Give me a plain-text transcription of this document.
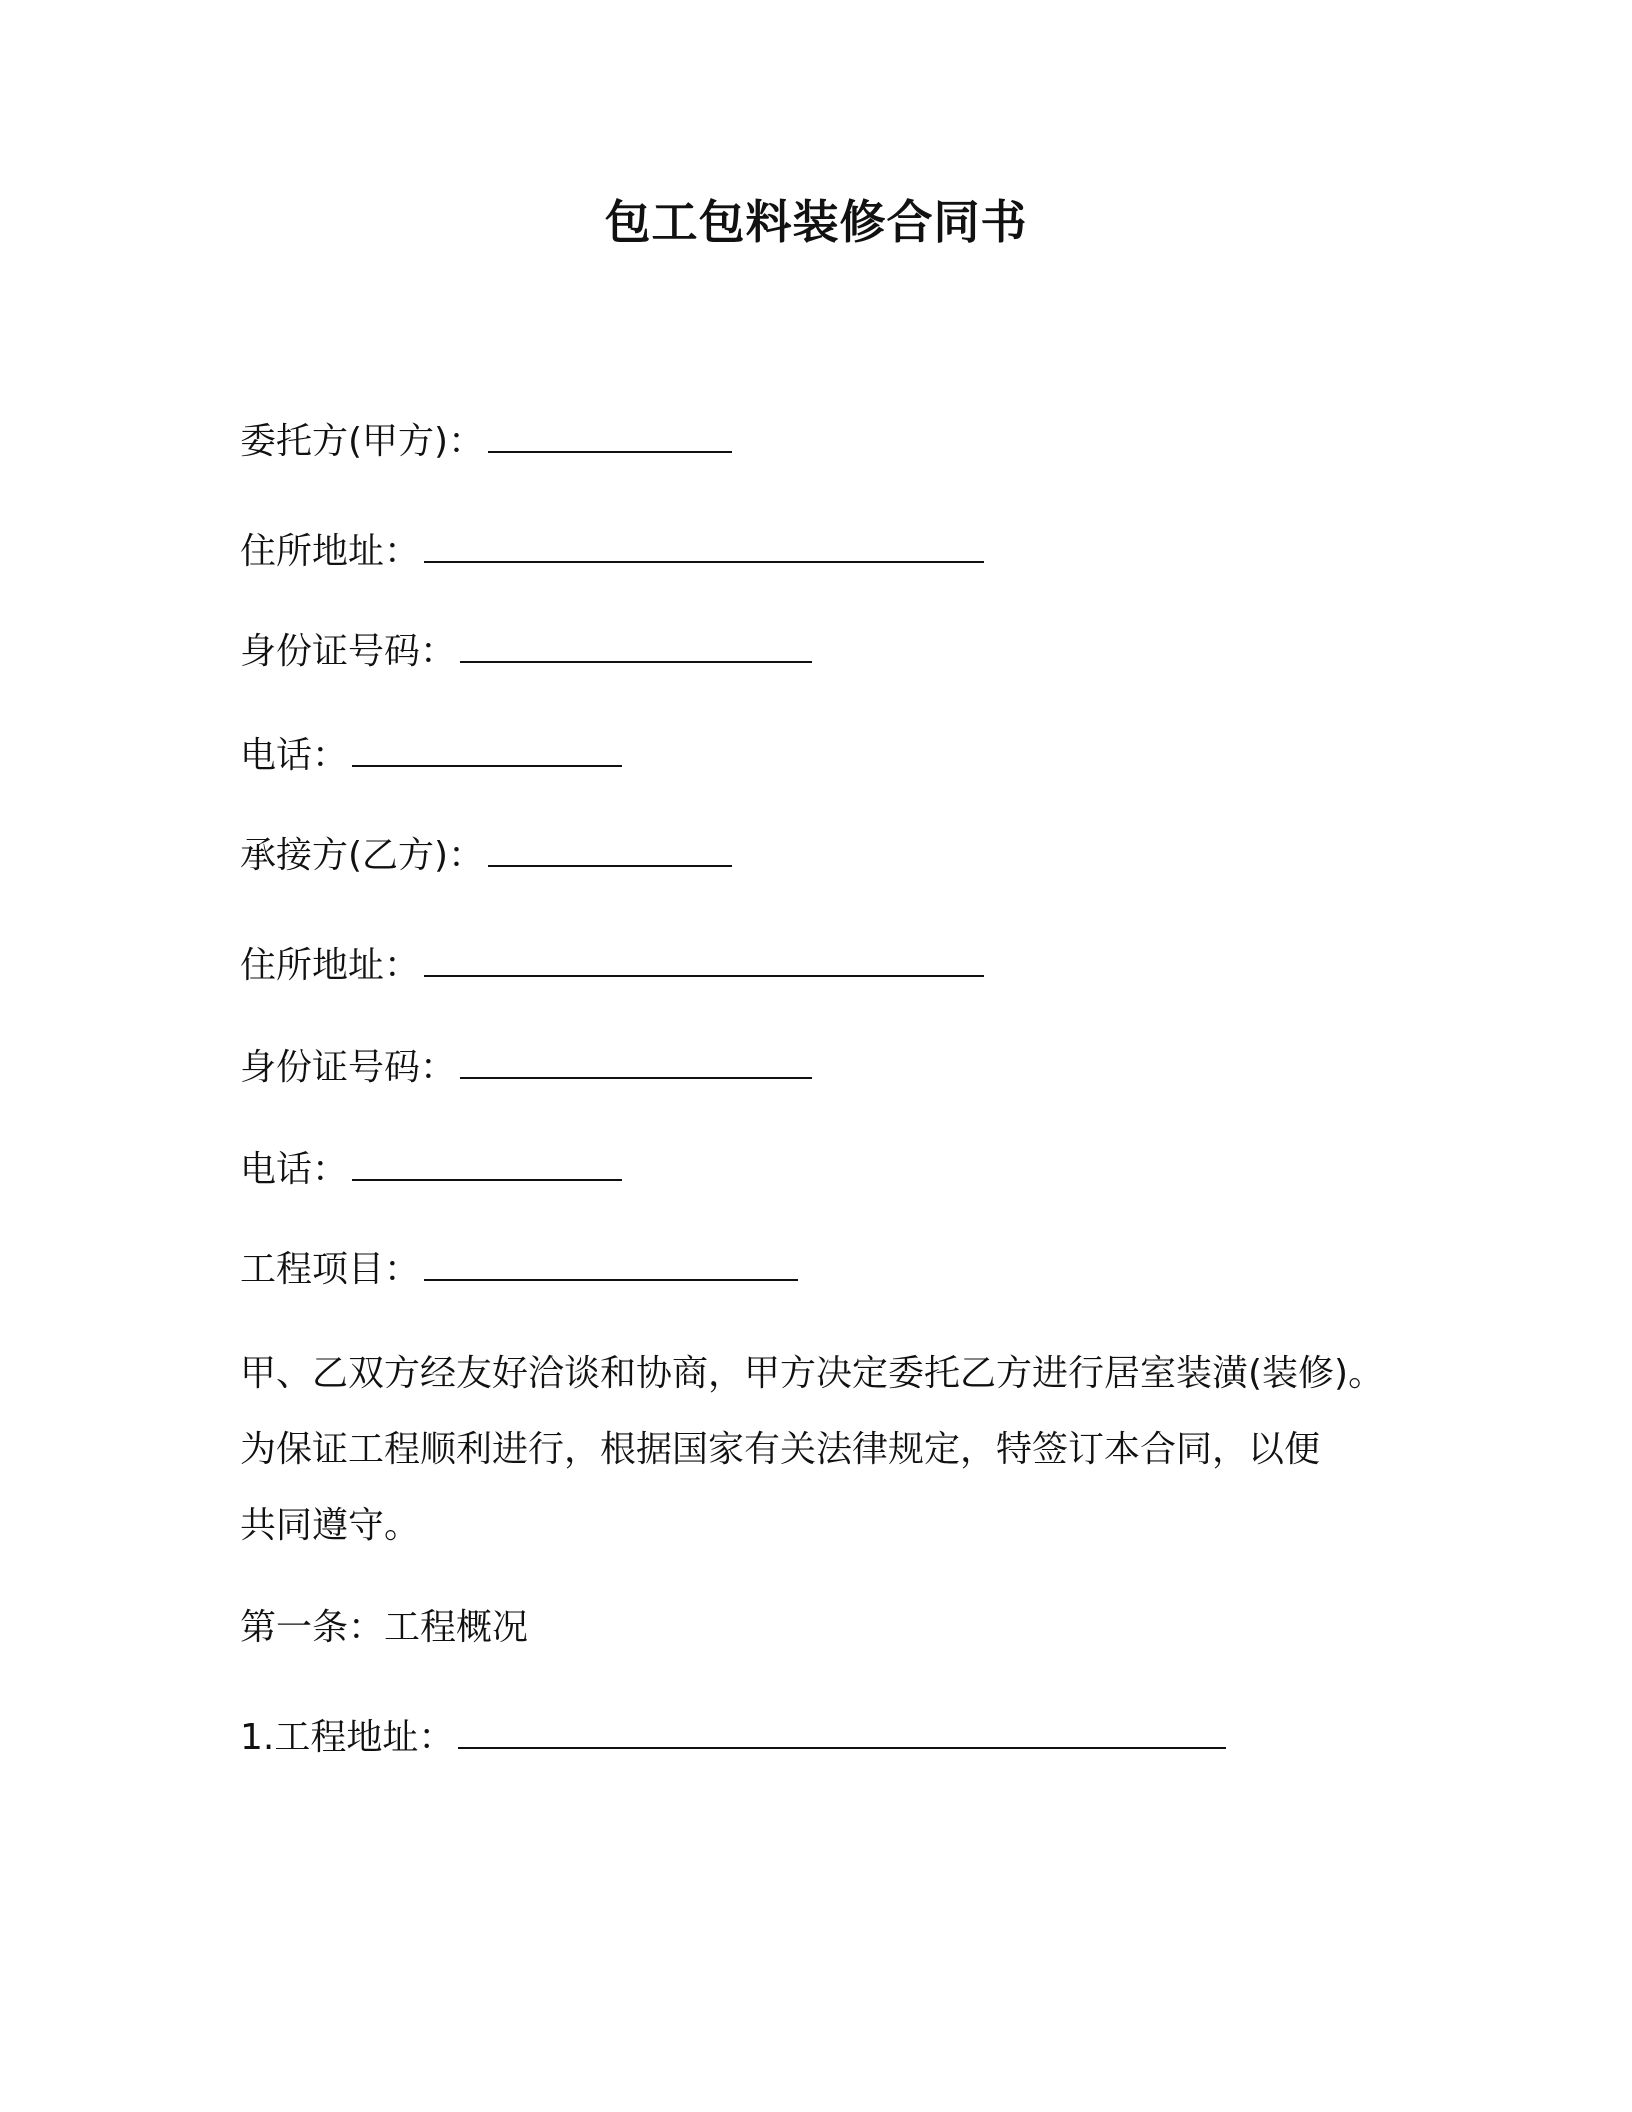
包工包料装修合同书
委托方(甲方)：
住所地址：
身份证号码：
电话：
承接方(乙方)：
住所地址：
身份证号码：
电话：
工程项目：
甲、乙双方经友好洽谈和协商，甲方决定委托乙方进行居室装潢(装修)。
为保证工程顺利进行，根据国家有关法律规定，特签订本合同，以便
共同遵守。
第一条：工程概况
1.工程地址：
